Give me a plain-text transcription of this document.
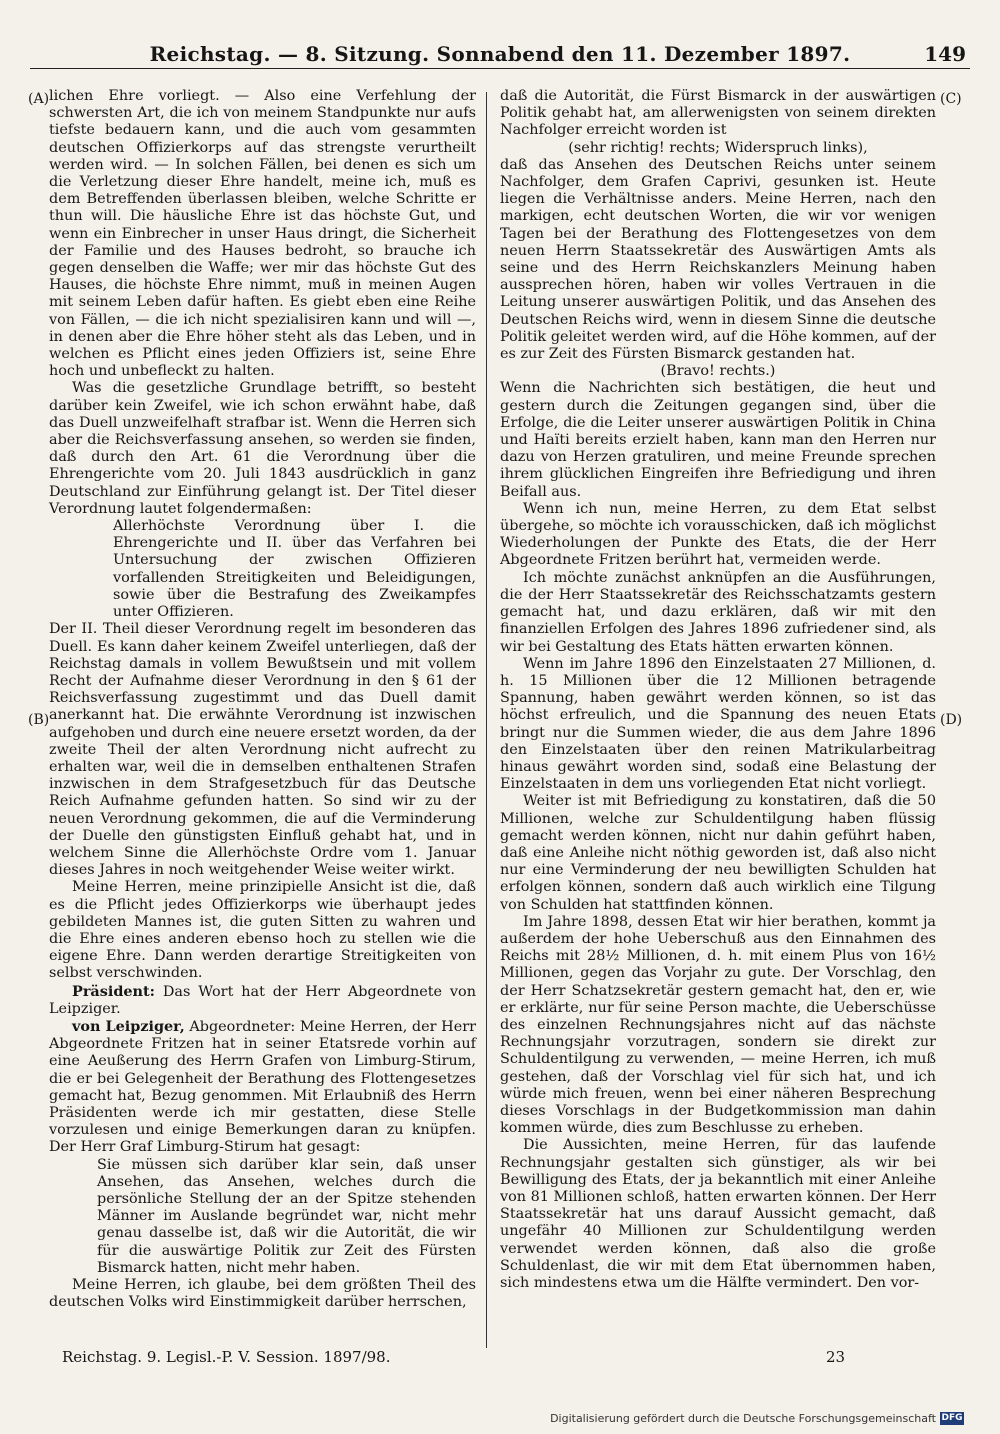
Reichstag. — 8. Sitzung. Sonnabend den 11. Dezember 1897.	149
(A)
(B)
(C)
(D)

lichen Ehre vorliegt. — Also eine Verfehlung der schwersten Art, die ich von meinem Standpunkte nur aufs tiefste bedauern kann, und die auch vom gesammten deutschen Offizierkorps auf das strengste verurtheilt werden wird. — In solchen Fällen, bei denen es sich um die Verletzung dieser Ehre handelt, meine ich, muß es dem Betreffenden überlassen bleiben, welche Schritte er thun will. Die häusliche Ehre ist das höchste Gut, und wenn ein Einbrecher in unser Haus dringt, die Sicherheit der Familie und des Hauses bedroht, so brauche ich gegen denselben die Waffe; wer mir das höchste Gut des Hauses, die höchste Ehre nimmt, muß in meinen Augen mit seinem Leben dafür haften. Es giebt eben eine Reihe von Fällen, — die ich nicht spezialisiren kann und will —, in denen aber die Ehre höher steht als das Leben, und in welchen es Pflicht eines jeden Offiziers ist, seine Ehre hoch und unbefleckt zu halten.

Was die gesetzliche Grundlage betrifft, so besteht darüber kein Zweifel, wie ich schon erwähnt habe, daß das Duell unzweifelhaft strafbar ist. Wenn die Herren sich aber die Reichsverfassung ansehen, so werden sie finden, daß durch den Art. 61 die Verordnung über die Ehrengerichte vom 20. Juli 1843 ausdrücklich in ganz Deutschland zur Einführung gelangt ist. Der Titel dieser Verordnung lautet folgendermaßen:

Allerhöchste Verordnung über I. die Ehrengerichte und II. über das Verfahren bei Untersuchung der zwischen Offizieren vorfallenden Streitigkeiten und Beleidigungen, sowie über die Bestrafung des Zweikampfes unter Offizieren.

Der II. Theil dieser Verordnung regelt im besonderen das Duell. Es kann daher keinem Zweifel unterliegen, daß der Reichstag damals in vollem Bewußtsein und mit vollem Recht der Aufnahme dieser Verordnung in den § 61 der Reichsverfassung zugestimmt und das Duell damit anerkannt hat. Die erwähnte Verordnung ist inzwischen aufgehoben und durch eine neuere ersetzt worden, da der zweite Theil der alten Verordnung nicht aufrecht zu erhalten war, weil die in demselben enthaltenen Strafen inzwischen in dem Strafgesetzbuch für das Deutsche Reich Aufnahme gefunden hatten. So sind wir zu der neuen Verordnung gekommen, die auf die Verminderung der Duelle den günstigsten Einfluß gehabt hat, und in welchem Sinne die Allerhöchste Ordre vom 1. Januar dieses Jahres in noch weitgehender Weise weiter wirkt.

Meine Herren, meine prinzipielle Ansicht ist die, daß es die Pflicht jedes Offizierkorps wie überhaupt jedes gebildeten Mannes ist, die guten Sitten zu wahren und die Ehre eines anderen ebenso hoch zu stellen wie die eigene Ehre. Dann werden derartige Streitigkeiten von selbst verschwinden.

Präsident: Das Wort hat der Herr Abgeordnete von Leipziger.

von Leipziger, Abgeordneter: Meine Herren, der Herr Abgeordnete Fritzen hat in seiner Etatsrede vorhin auf eine Aeußerung des Herrn Grafen von Limburg-Stirum, die er bei Gelegenheit der Berathung des Flottengesetzes gemacht hat, Bezug genommen. Mit Erlaubniß des Herrn Präsidenten werde ich mir gestatten, diese Stelle vorzulesen und einige Bemerkungen daran zu knüpfen. Der Herr Graf Limburg-Stirum hat gesagt:

Sie müssen sich darüber klar sein, daß unser Ansehen, das Ansehen, welches durch die persönliche Stellung der an der Spitze stehenden Männer im Auslande begründet war, nicht mehr genau dasselbe ist, daß wir die Autorität, die wir für die auswärtige Politik zur Zeit des Fürsten Bismarck hatten, nicht mehr haben.

Meine Herren, ich glaube, bei dem größten Theil des deutschen Volks wird Einstimmigkeit darüber herrschen,

daß die Autorität, die Fürst Bismarck in der auswärtigen Politik gehabt hat, am allerwenigsten von seinem direkten Nachfolger erreicht worden ist

(sehr richtig! rechts; Widerspruch links),

daß das Ansehen des Deutschen Reichs unter seinem Nachfolger, dem Grafen Caprivi, gesunken ist. Heute liegen die Verhältnisse anders. Meine Herren, nach den markigen, echt deutschen Worten, die wir vor wenigen Tagen bei der Berathung des Flottengesetzes von dem neuen Herrn Staatssekretär des Auswärtigen Amts als seine und des Herrn Reichskanzlers Meinung haben aussprechen hören, haben wir volles Vertrauen in die Leitung unserer auswärtigen Politik, und das Ansehen des Deutschen Reichs wird, wenn in diesem Sinne die deutsche Politik geleitet werden wird, auf die Höhe kommen, auf der es zur Zeit des Fürsten Bismarck gestanden hat.

(Bravo! rechts.)

Wenn die Nachrichten sich bestätigen, die heut und gestern durch die Zeitungen gegangen sind, über die Erfolge, die die Leiter unserer auswärtigen Politik in China und Haïti bereits erzielt haben, kann man den Herren nur dazu von Herzen gratuliren, und meine Freunde sprechen ihrem glücklichen Eingreifen ihre Befriedigung und ihren Beifall aus.

Wenn ich nun, meine Herren, zu dem Etat selbst übergehe, so möchte ich vorausschicken, daß ich möglichst Wiederholungen der Punkte des Etats, die der Herr Abgeordnete Fritzen berührt hat, vermeiden werde.

Ich möchte zunächst anknüpfen an die Ausführungen, die der Herr Staatssekretär des Reichsschatzamts gestern gemacht hat, und dazu erklären, daß wir mit den finanziellen Erfolgen des Jahres 1896 zufriedener sind, als wir bei Gestaltung des Etats hätten erwarten können.

Wenn im Jahre 1896 den Einzelstaaten 27 Millionen, d. h. 15 Millionen über die 12 Millionen betragende Spannung, haben gewährt werden können, so ist das höchst erfreulich, und die Spannung des neuen Etats bringt nur die Summen wieder, die aus dem Jahre 1896 den Einzelstaaten über den reinen Matrikularbeitrag hinaus gewährt worden sind, sodaß eine Belastung der Einzelstaaten in dem uns vorliegenden Etat nicht vorliegt.

Weiter ist mit Befriedigung zu konstatiren, daß die 50 Millionen, welche zur Schuldentilgung haben flüssig gemacht werden können, nicht nur dahin geführt haben, daß eine Anleihe nicht nöthig geworden ist, daß also nicht nur eine Verminderung der neu bewilligten Schulden hat erfolgen können, sondern daß auch wirklich eine Tilgung von Schulden hat stattfinden können.

Im Jahre 1898, dessen Etat wir hier berathen, kommt ja außerdem der hohe Ueberschuß aus den Einnahmen des Reichs mit 28½ Millionen, d. h. mit einem Plus von 16½ Millionen, gegen das Vorjahr zu gute. Der Vorschlag, den der Herr Schatzsekretär gestern gemacht hat, den er, wie er erklärte, nur für seine Person machte, die Ueberschüsse des einzelnen Rechnungsjahres nicht auf das nächste Rechnungsjahr vorzutragen, sondern sie direkt zur Schuldentilgung zu verwenden, — meine Herren, ich muß gestehen, daß der Vorschlag viel für sich hat, und ich würde mich freuen, wenn bei einer näheren Besprechung dieses Vorschlags in der Budgetkommission man dahin kommen würde, dies zum Beschlusse zu erheben.

Die Aussichten, meine Herren, für das laufende Rechnungsjahr gestalten sich günstiger, als wir bei Bewilligung des Etats, der ja bekanntlich mit einer Anleihe von 81 Millionen schloß, hatten erwarten können. Der Herr Staatssekretär hat uns darauf Aussicht gemacht, daß ungefähr 40 Millionen zur Schuldentilgung werden verwendet werden können, daß also die große Schuldenlast, die wir mit dem Etat übernommen haben, sich mindestens etwa um die Hälfte vermindert. Den vor-

Reichstag. 9. Legisl.-P. V. Session. 1897/98.	23
Digitalisierung gefördert durch die Deutsche Forschungsgemeinschaft DFG
